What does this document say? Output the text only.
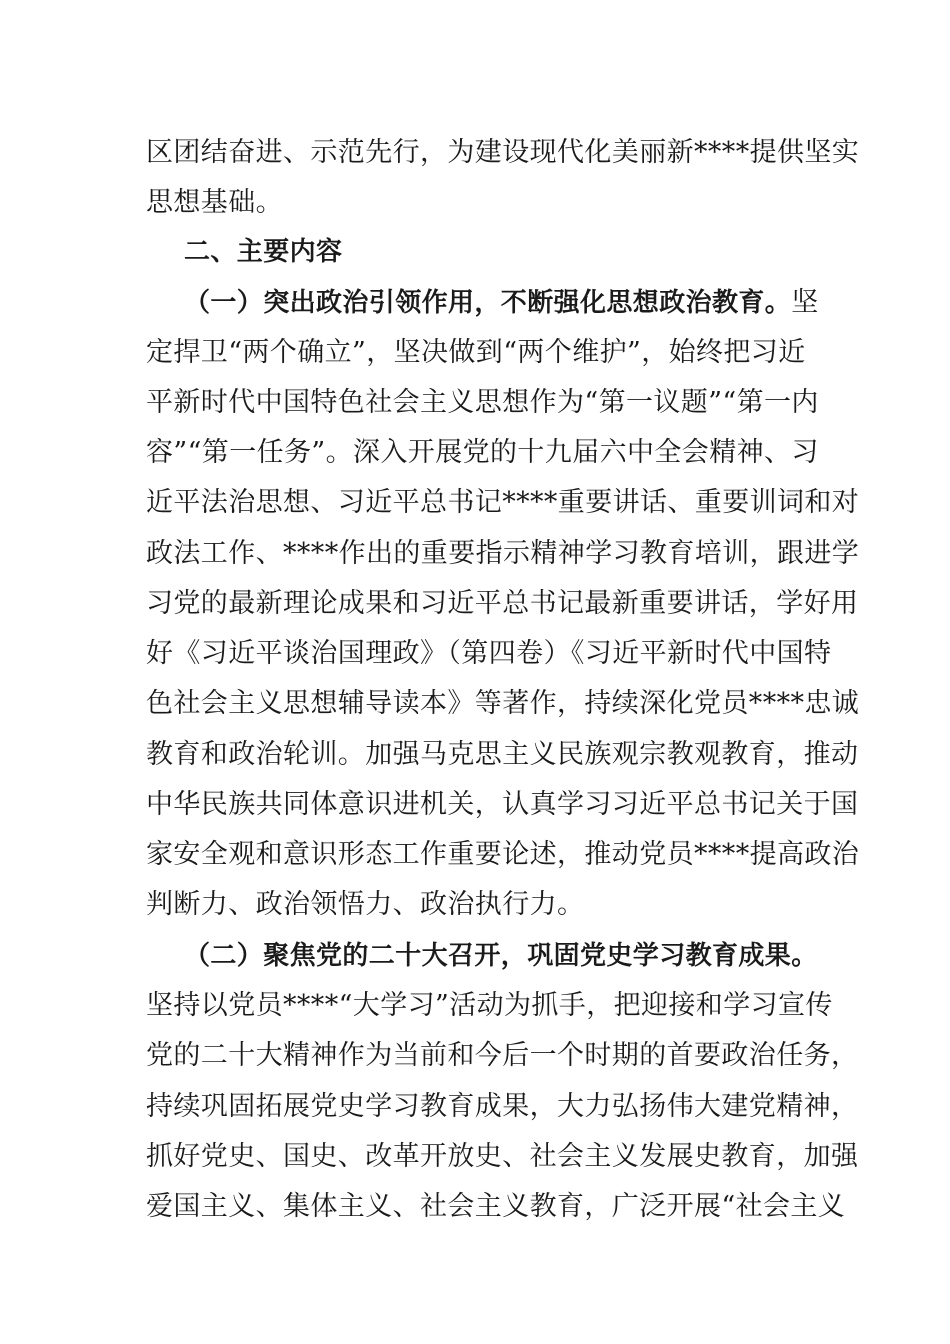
区团结奋进、示范先行，为建设现代化美丽新****提供坚实
思想基础。
二、主要内容
（一）突出政治引领作用，不断强化思想政治教育。坚
定捍卫“两个确立”，坚决做到“两个维护”，始终把习近
平新时代中国特色社会主义思想作为“第一议题”“第一内
容”“第一任务”。深入开展党的十九届六中全会精神、习
近平法治思想、习近平总书记****重要讲话、重要训词和对
政法工作、****作出的重要指示精神学习教育培训，跟进学
习党的最新理论成果和习近平总书记最新重要讲话，学好用
好《习近平谈治国理政》（第四卷）《习近平新时代中国特
色社会主义思想辅导读本》等著作，持续深化党员****忠诚
教育和政治轮训。加强马克思主义民族观宗教观教育，推动
中华民族共同体意识进机关，认真学习习近平总书记关于国
家安全观和意识形态工作重要论述，推动党员****提高政治
判断力、政治领悟力、政治执行力。
（二）聚焦党的二十大召开，巩固党史学习教育成果。
坚持以党员****“大学习”活动为抓手，把迎接和学习宣传
党的二十大精神作为当前和今后一个时期的首要政治任务，
持续巩固拓展党史学习教育成果，大力弘扬伟大建党精神，
抓好党史、国史、改革开放史、社会主义发展史教育，加强
爱国主义、集体主义、社会主义教育，广泛开展“社会主义
